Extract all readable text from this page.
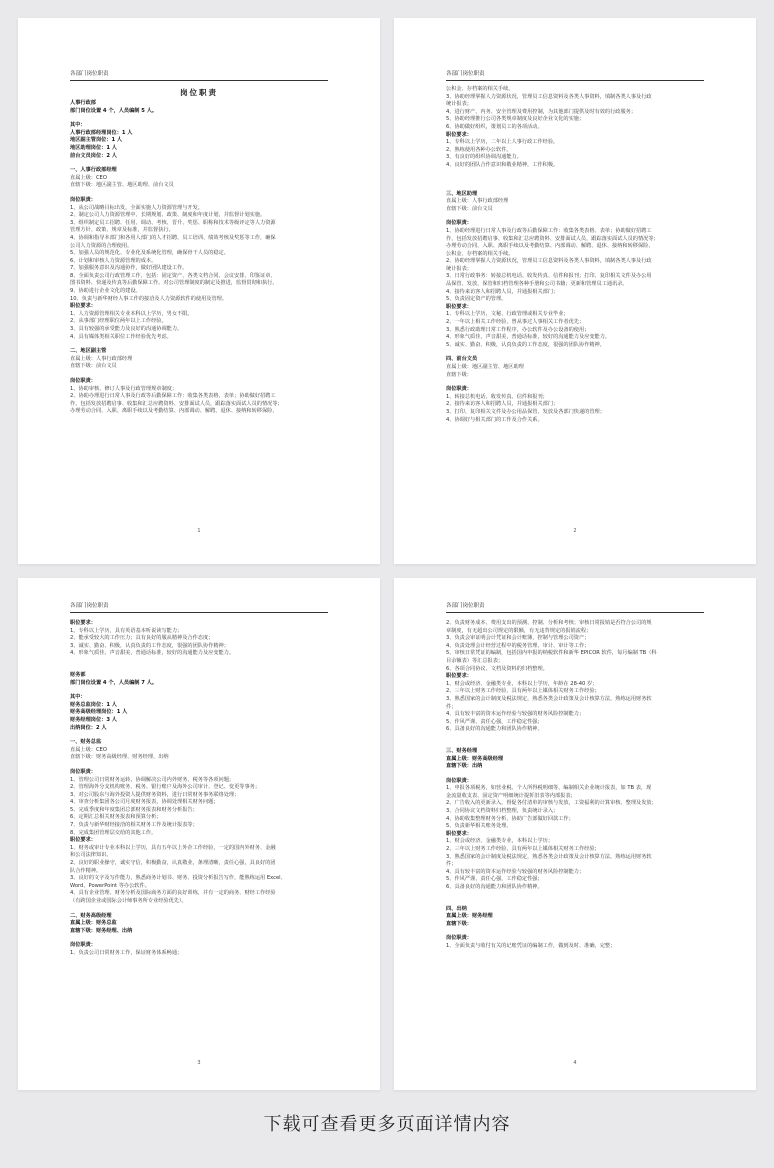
各部门岗位职责

岗位职责

人事行政部

部门岗位设置 4 个，人员编制 5 人。

其中：

人事行政部经理岗位：1 人

地区副主管岗位：1 人

地区助理岗位：1 人

前台文员岗位：2 人

一、人事行政部经理

直属上级：CEO

直辖下级：地区副主管、地区助理、前台文员

岗位职责：

1、从公司战略目标出发，全面实施人力资源管理与开发。

2、制定公司人力资源管理中、长期规划、政策、制度和年度计划，并监督计划实施。

3、组织制定员工招聘、任用、调动、考核、晋升、奖惩、职称和技术等级评定等人力资源

管理方针、政策、规章及标准，并监督执行。

4、协调和指导本部门和各用人部门的人才招聘、员工培训、绩效考核及奖惩等工作，确保

公司人力资源的合理使用。

5、加强人员的规范化、专业化及系统化管理，确保骨干人员的稳定。

6、计划和审核人力资源管理的成本。

7、加强服务意识及沟通协作，做好团队建设工作。

8、全面负责公司行政管理工作，包括：固定资产、各类文档合同、会议安排、印鉴证章、

图书资料、快递及传真等后勤保障工作。对公司管理制度的制定及推进，监督贯彻和执行。

9、协助进行企业文化的建设。

10、负责与新华财经人事工作的接洽及人力资源软件的使用及管理。

职位要求：

1、人力资源管理相关专业本科以上学历，男女不限。

2、从事部门经理职位两年以上工作经验。

3、具有较强的承受能力及良好的沟通协调能力。

4、具有媒体类相关职位工作经验优先考虑。

二、地区副主管

直属上级：人事行政部经理

直辖下级：前台文员

岗位职责：

1、协助审核、修订人事及行政管理规章制度；

2、协助办理进行日常人事及行政等后勤保障工作：收集各类表格、表单；协助做好招聘工

作，包括发放招聘启事、收集和汇总应聘资料、安排面试人员，跟踪落实面试人员的情况等；

办理劳动合同、入职、离职手续以及考勤结算、内部调动、解聘、退休、接纳和转移保险、

1
各部门岗位职责

公积金、存档案的相关手续。

3、协助经理掌握人力资源状况，管理员工信息资料及各类人事资料，填制各类人事及行政

统计报表；

4、进行财产、内务、安全管理及费用控制，为其他部门提供及时有效的行政服务；

5、协助经理推行公司各类规章制度及良好企业文化的实施；

6、协助做好组织，策划员工的各项活动。

职位要求：

1、专科以上学历，二年以上人事行政工作经验。

2、熟练使用各种办公软件。

3、有良好的组织协调沟通能力。

4、良好的团队合作意识和敬业精神，工作积极。

三、地区助理

直属上级：人事行政部经理

直辖下级：前台文员

岗位职责：

1、协助经理进行日常人事及行政等后勤保障工作：收集各类表格、表单；协助做好招聘工

作，包括发放招聘启事、收集和汇总应聘资料、安排面试人员，跟踪落实面试人员的情况等；

办理劳动合同、入职、离职手续以及考勤结算、内部调动、解聘、退休、接纳和转移保险、

公积金、存档案的相关手续。

2、协助经理掌握人力资源状况，管理员工信息资料及各类人事资料，填制各类人事及行政

统计报表；

3、日常行政事务：转接总机电话、收发传真、信件和报刊；打印、复印相关文件及办公用

品保管、发放、保管和归档管理各种手册和公司书籍；更新和管理员工通讯录。

4、接待来访客人和招聘人员，并通报相关部门；

5、负责固定资产的管理。

职位要求：

1、专科以上学历，文秘、行政管理或相关专业毕业；

2、一年以上相关工作经验，曾从事过人事相关工作者优先；

3、熟悉行政助理日常工作程序，办公软件及办公设备的使用；

4、形象气质佳，声音甜美，普通话标准，较好的沟通能力及应变能力。

5、诚实、勤奋、积极，认真负责的工作态度，很强的团队协作精神。

四、前台文员

直属上级：地区副主管、地区助理

直辖下级：

岗位职责：

1、转接总机电话，收发传真、信件和报刊；

2、接待来访客人和招聘人员，并通报相关部门；

3、打印、复印相关文件及办公用品保管、发放及各部门快递的管理；

4、协调好与相关部门的工作及合作关系。

2
各部门岗位职责

职位要求：

1、专科以上学历，具有英语基本听说读写能力；

2、能承受较大的工作压力；具有良好的服从精神及合作态度；

3、诚实、勤奋、积极，认真负责的工作态度，很强的团队协作精神；

4、形象气质佳，声音甜美，普通话标准，较好的沟通能力及应变能力。

财务部

部门岗位设置 4 个，人员编制 7 人。

其中：

财务总监岗位：1 人

财务高级经理岗位：1 人

财务经理岗位：3 人

出纳岗位：2 人

一、财务总监

直属上级：CEO

直辖下级：财务高级经理、财务经理、出纳

岗位职责：

1、管理公司日常财务运转，协调解决公司内外财务、税务等各项问题；

2、管理海外分支机构账务、税务、银行账户及海外公司审计、登记、变更等事务；

3、对公司股东与海外投资人提供财务资料，进行日常财务事务联络处理；

4、审查分析集团各公司月度财务报表，协调处理相关财务问题；

5、完成季度和年度集团总部财务报表和财务分析报告；

6、定期汇总相关财务报表和预算分析；

7、负责与新华财经接洽的相关财务工作及统计报表等；

8、完成集团管理层交给的其他工作。

职位要求：

1、财务或审计专业本科以上学历，具有五年以上外企工作经验，一定的国内外财务、金融

和公司法律知识。

2、良好的职业操守，诚实守信，积极勤奋，认真敬业，条理清晰，责任心强，具良好的团

队合作精神。

3、良好的文字及写作能力，熟悉商务计划书、财务、投资分析报告写作，能熟练运用 Excel、

Word、PowerPoint 等办公软件。

4、具有企业管理、财务分析及国际商务方面的良好训练，并有一定的商务、财经工作经验

（有跨国企业或国际会计师事务所专业经验优先）。

二、财务高级经理

直属上级：财务总监

直辖下级：财务经理、出纳

岗位职责：

1、负责公司日常财务工作，保证财务体系畅通；

3
各部门岗位职责

2、负责财务成本、费用支出的预测、控制、分析和考核；审核日常报销是否符合公司的规

章制度，有无超出公司规定的限额，有无违背规定的报销流程；

3、负责会审证明会计凭证和会计账簿，控制与管理公司资产；

4、负责处理会计经营过程中的税务管理、审计、审计等工作；

5、审核日常凭证的编制，包括国内申报的纳税软件和新华 EPICOR 软件，每月编制 TB（科

目余额表）等汇总报表；

6、各项合同协议、文档及资料的归档整理。

职位要求：

1、财会或经济、金融类专业，本科以上学历，年龄在 28-40 岁；

2、三年以上财务工作经验，具有两年以上媒体相关财务工作经验；

3、熟悉国家的会计制度及税法规定，熟悉各类会计政策及会计核算方法，熟练运用财务软

件；

4、具有较丰富的资本运作经验与较强的财务风险控制能力；

5、作风严谨、责任心强，工作稳定性强；

6、具备良好的沟通能力和团队协作精神。

三、财务经理

直属上级：财务高级经理

直辖下级：出纳

岗位职责：

1、申报各项税务，如营业税、个人所得税明细等，编制相关企业统计报表，如 TB 表，现

金流量收支表、固定资产明细统计提折旧表等内部报表；

2、广告收入的更新录入，督促各付清单的审核与发放，工资福利的计算审核、整理及发放；

3、合同协议文档资料归档整理，负责统计录入；

4、协助收集整理财务分析、协助广告部做好回款工作；

5、负责新华相关账务处理。

职位要求：

1、财会或经济、金融类专业，本科以上学历；

2、三年以上财务工作经验，具有两年以上媒体相关财务工作经验；

3、熟悉国家的会计制度及税法规定，熟悉各类会计政策及会计核算方法，熟练运用财务软

件；

4、具有较丰富的资本运作经验与较强的财务风险控制能力；

5、作风严谨、责任心强，工作稳定性强；

6、具备良好的沟通能力和团队协作精神。

四、出纳

直属上级：财务经理

直辖下级：

岗位职责：

1、全面负责与收付有关的记账凭证的编制工作，做到及时、准确、完整；

4
下载可查看更多页面详情内容
